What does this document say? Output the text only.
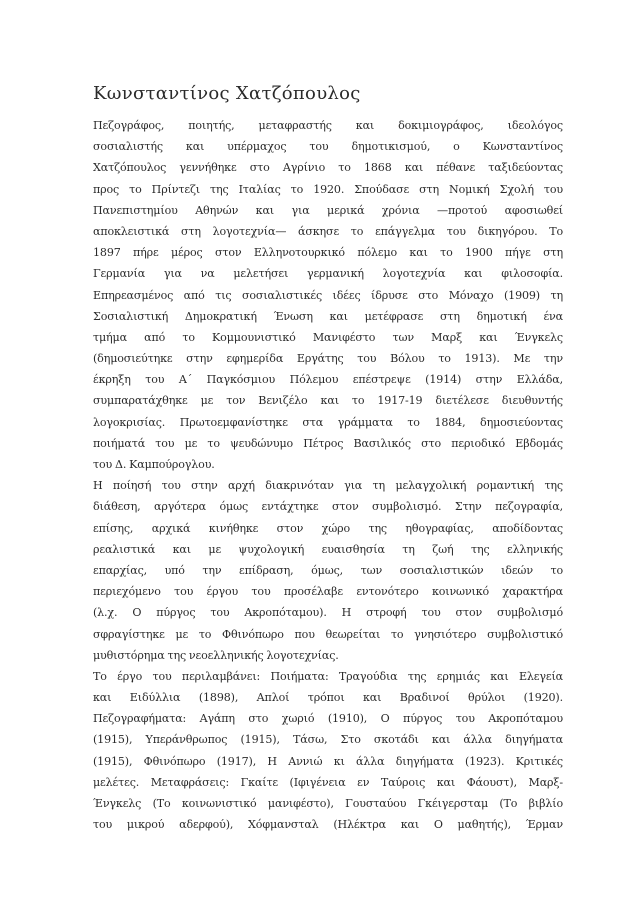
Κωνσταντίνος Χατζόπουλος
Πεζογράφος, ποιητής, μεταφραστής και δοκιμιογράφος, ιδεολόγος
σοσιαλιστής και υπέρμαχος του δημοτικισμού, ο Κωνσταντίνος
Χατζόπουλος γεννήθηκε στο Αγρίνιο το 1868 και πέθανε ταξιδεύοντας
προς το Πρίντεζι της Ιταλίας το 1920. Σπούδασε στη Νομική Σχολή του
Πανεπιστημίου Αθηνών και για μερικά χρόνια —προτού αφοσιωθεί
αποκλειστικά στη λογοτεχνία— άσκησε το επάγγελμα του δικηγόρου. Το
1897 πήρε μέρος στον Ελληνοτουρκικό πόλεμο και το 1900 πήγε στη
Γερμανία για να μελετήσει γερμανική λογοτεχνία και φιλοσοφία.
Επηρεασμένος από τις σοσιαλιστικές ιδέες ίδρυσε στο Μόναχο (1909) τη
Σοσιαλιστική Δημοκρατική Ένωση και μετέφρασε στη δημοτική ένα
τμήμα από το Κομμουνιστικό Μανιφέστο των Μαρξ και Ένγκελς
(δημοσιεύτηκε στην εφημερίδα Εργάτης του Βόλου το 1913). Με την
έκρηξη του Α΄ Παγκόσμιου Πόλεμου επέστρεψε (1914) στην Ελλάδα,
συμπαρατάχθηκε με τον Βενιζέλο και το 1917-19 διετέλεσε διευθυντής
λογοκρισίας. Πρωτοεμφανίστηκε στα γράμματα το 1884, δημοσιεύοντας
ποιήματά του με το ψευδώνυμο Πέτρος Βασιλικός στο περιοδικό Εβδομάς
του Δ. Καμπούρογλου.
Η ποίησή του στην αρχή διακρινόταν για τη μελαγχολική ρομαντική της
διάθεση, αργότερα όμως εντάχτηκε στον συμβολισμό. Στην πεζογραφία,
επίσης, αρχικά κινήθηκε στον χώρο της ηθογραφίας, αποδίδοντας
ρεαλιστικά και με ψυχολογική ευαισθησία τη ζωή της ελληνικής
επαρχίας, υπό την επίδραση, όμως, των σοσιαλιστικών ιδεών το
περιεχόμενο του έργου του προσέλαβε εντονότερο κοινωνικό χαρακτήρα
(λ.χ. Ο πύργος του Ακροπόταμου). Η στροφή του στον συμβολισμό
σφραγίστηκε με το Φθινόπωρο που θεωρείται το γνησιότερο συμβολιστικό
μυθιστόρημα της νεοελληνικής λογοτεχνίας.
Το έργο του περιλαμβάνει: Ποιήματα: Τραγούδια της ερημιάς και Ελεγεία
και Ειδύλλια (1898), Απλοί τρόποι και Βραδινοί θρύλοι (1920).
Πεζογραφήματα: Αγάπη στο χωριό (1910), Ο πύργος του Ακροπόταμου
(1915), Υπεράνθρωπος (1915), Τάσω, Στο σκοτάδι και άλλα διηγήματα
(1915), Φθινόπωρο (1917), Η Αννιώ κι άλλα διηγήματα (1923). Κριτικές
μελέτες. Μεταφράσεις: Γκαίτε (Ιφιγένεια εν Ταύροις και Φάουστ), Μαρξ-
Ένγκελς (Το κοινωνιστικό μανιφέστο), Γουσταύου Γκέιγερσταμ (Το βιβλίο
του μικρού αδερφού), Χόφμανσταλ (Ηλέκτρα και Ο μαθητής), Έρμαν
